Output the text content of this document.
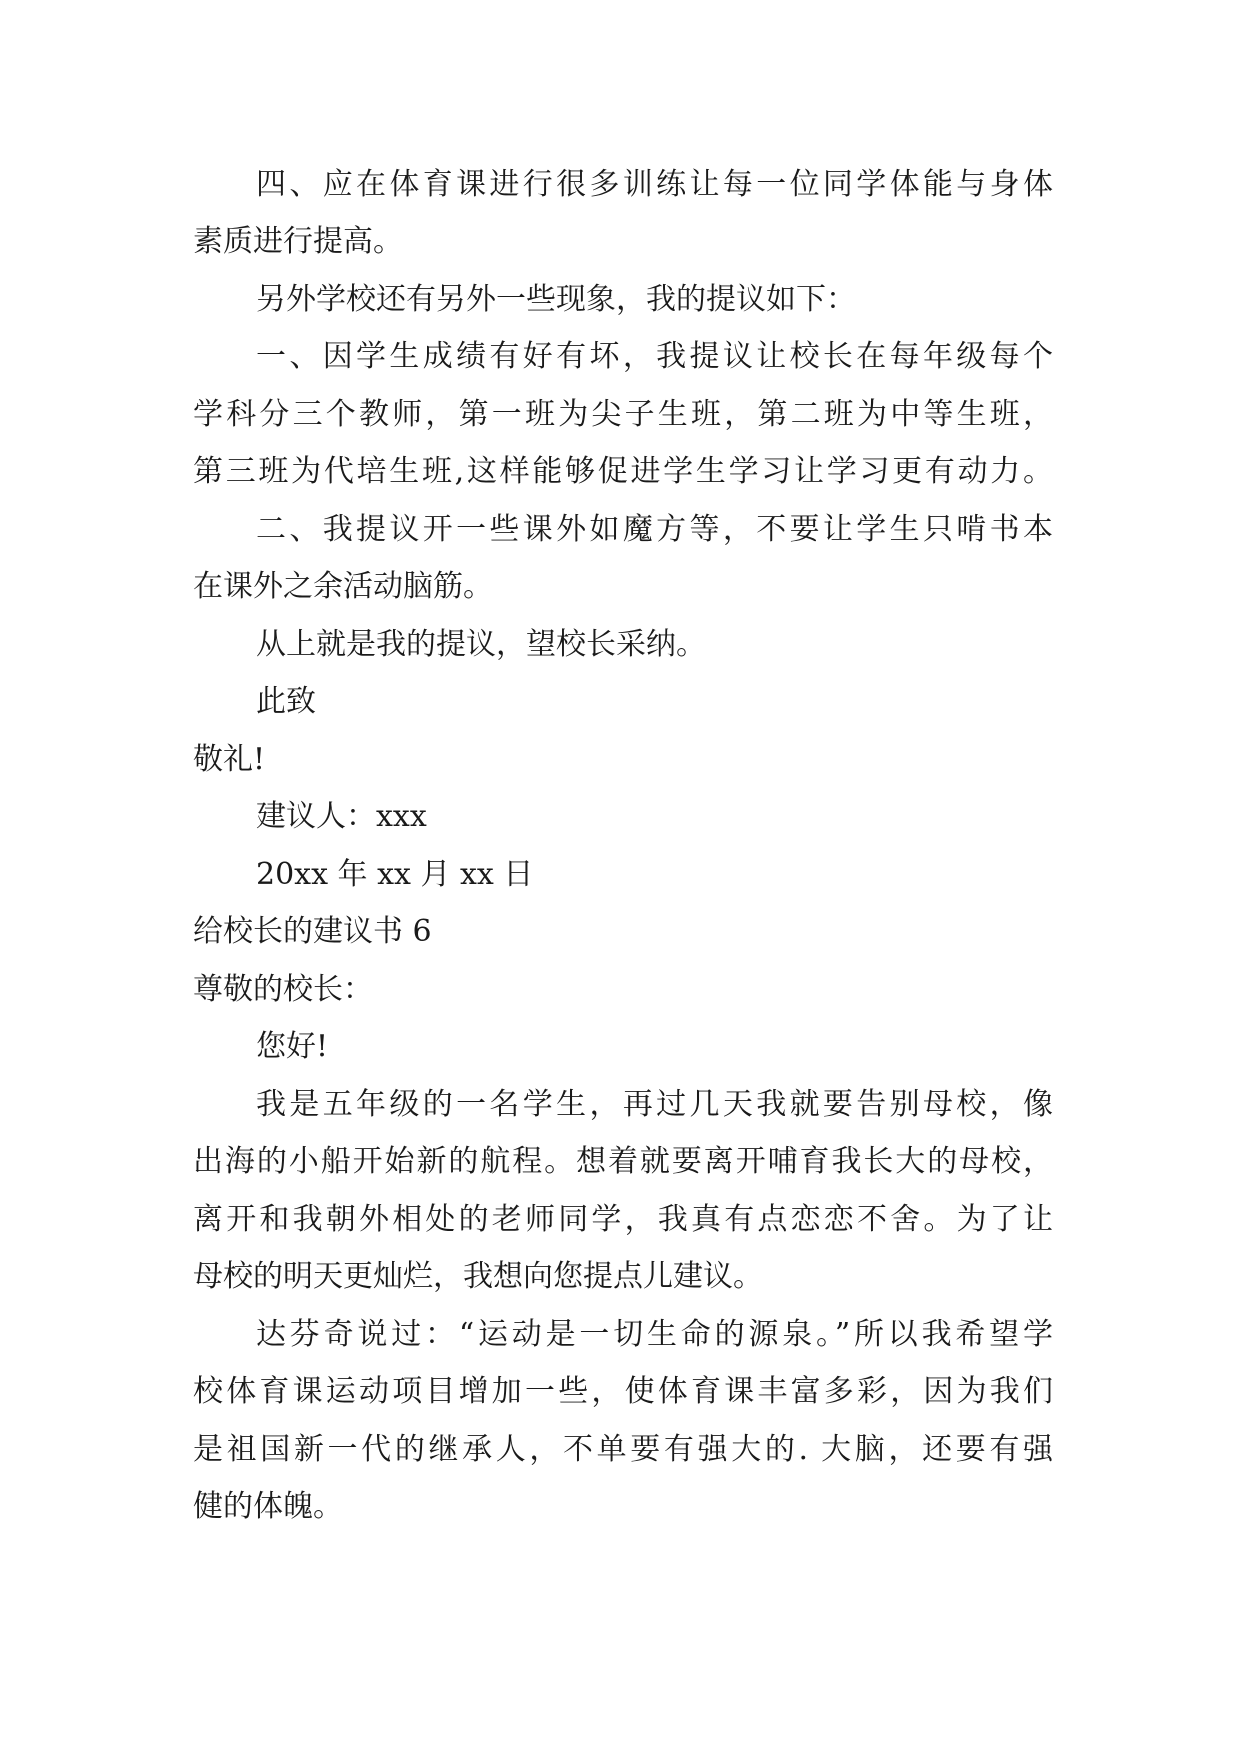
四、应在体育课进行很多训练让每一位同学体能与身体
素质进行提高。
另外学校还有另外一些现象，我的提议如下：
一、因学生成绩有好有坏，我提议让校长在每年级每个
学科分三个教师，第一班为尖子生班，第二班为中等生班，
第三班为代培生班,这样能够促进学生学习让学习更有动力。
二、我提议开一些课外如魔方等，不要让学生只啃书本
在课外之余活动脑筋。
从上就是我的提议，望校长采纳。
此致
敬礼!
建议人：xxx
20xx 年 xx 月 xx 日
给校长的建议书 6
尊敬的校长：
您好!
我是五年级的一名学生，再过几天我就要告别母校，像
出海的小船开始新的航程。想着就要离开哺育我长大的母校，
离开和我朝外相处的老师同学，我真有点恋恋不舍。为了让
母校的明天更灿烂，我想向您提点儿建议。
达芬奇说过：“运动是一切生命的源泉。”所以我希望学
校体育课运动项目增加一些，使体育课丰富多彩，因为我们
是祖国新一代的继承人，不单要有强大的. 大脑，还要有强
健的体魄。
